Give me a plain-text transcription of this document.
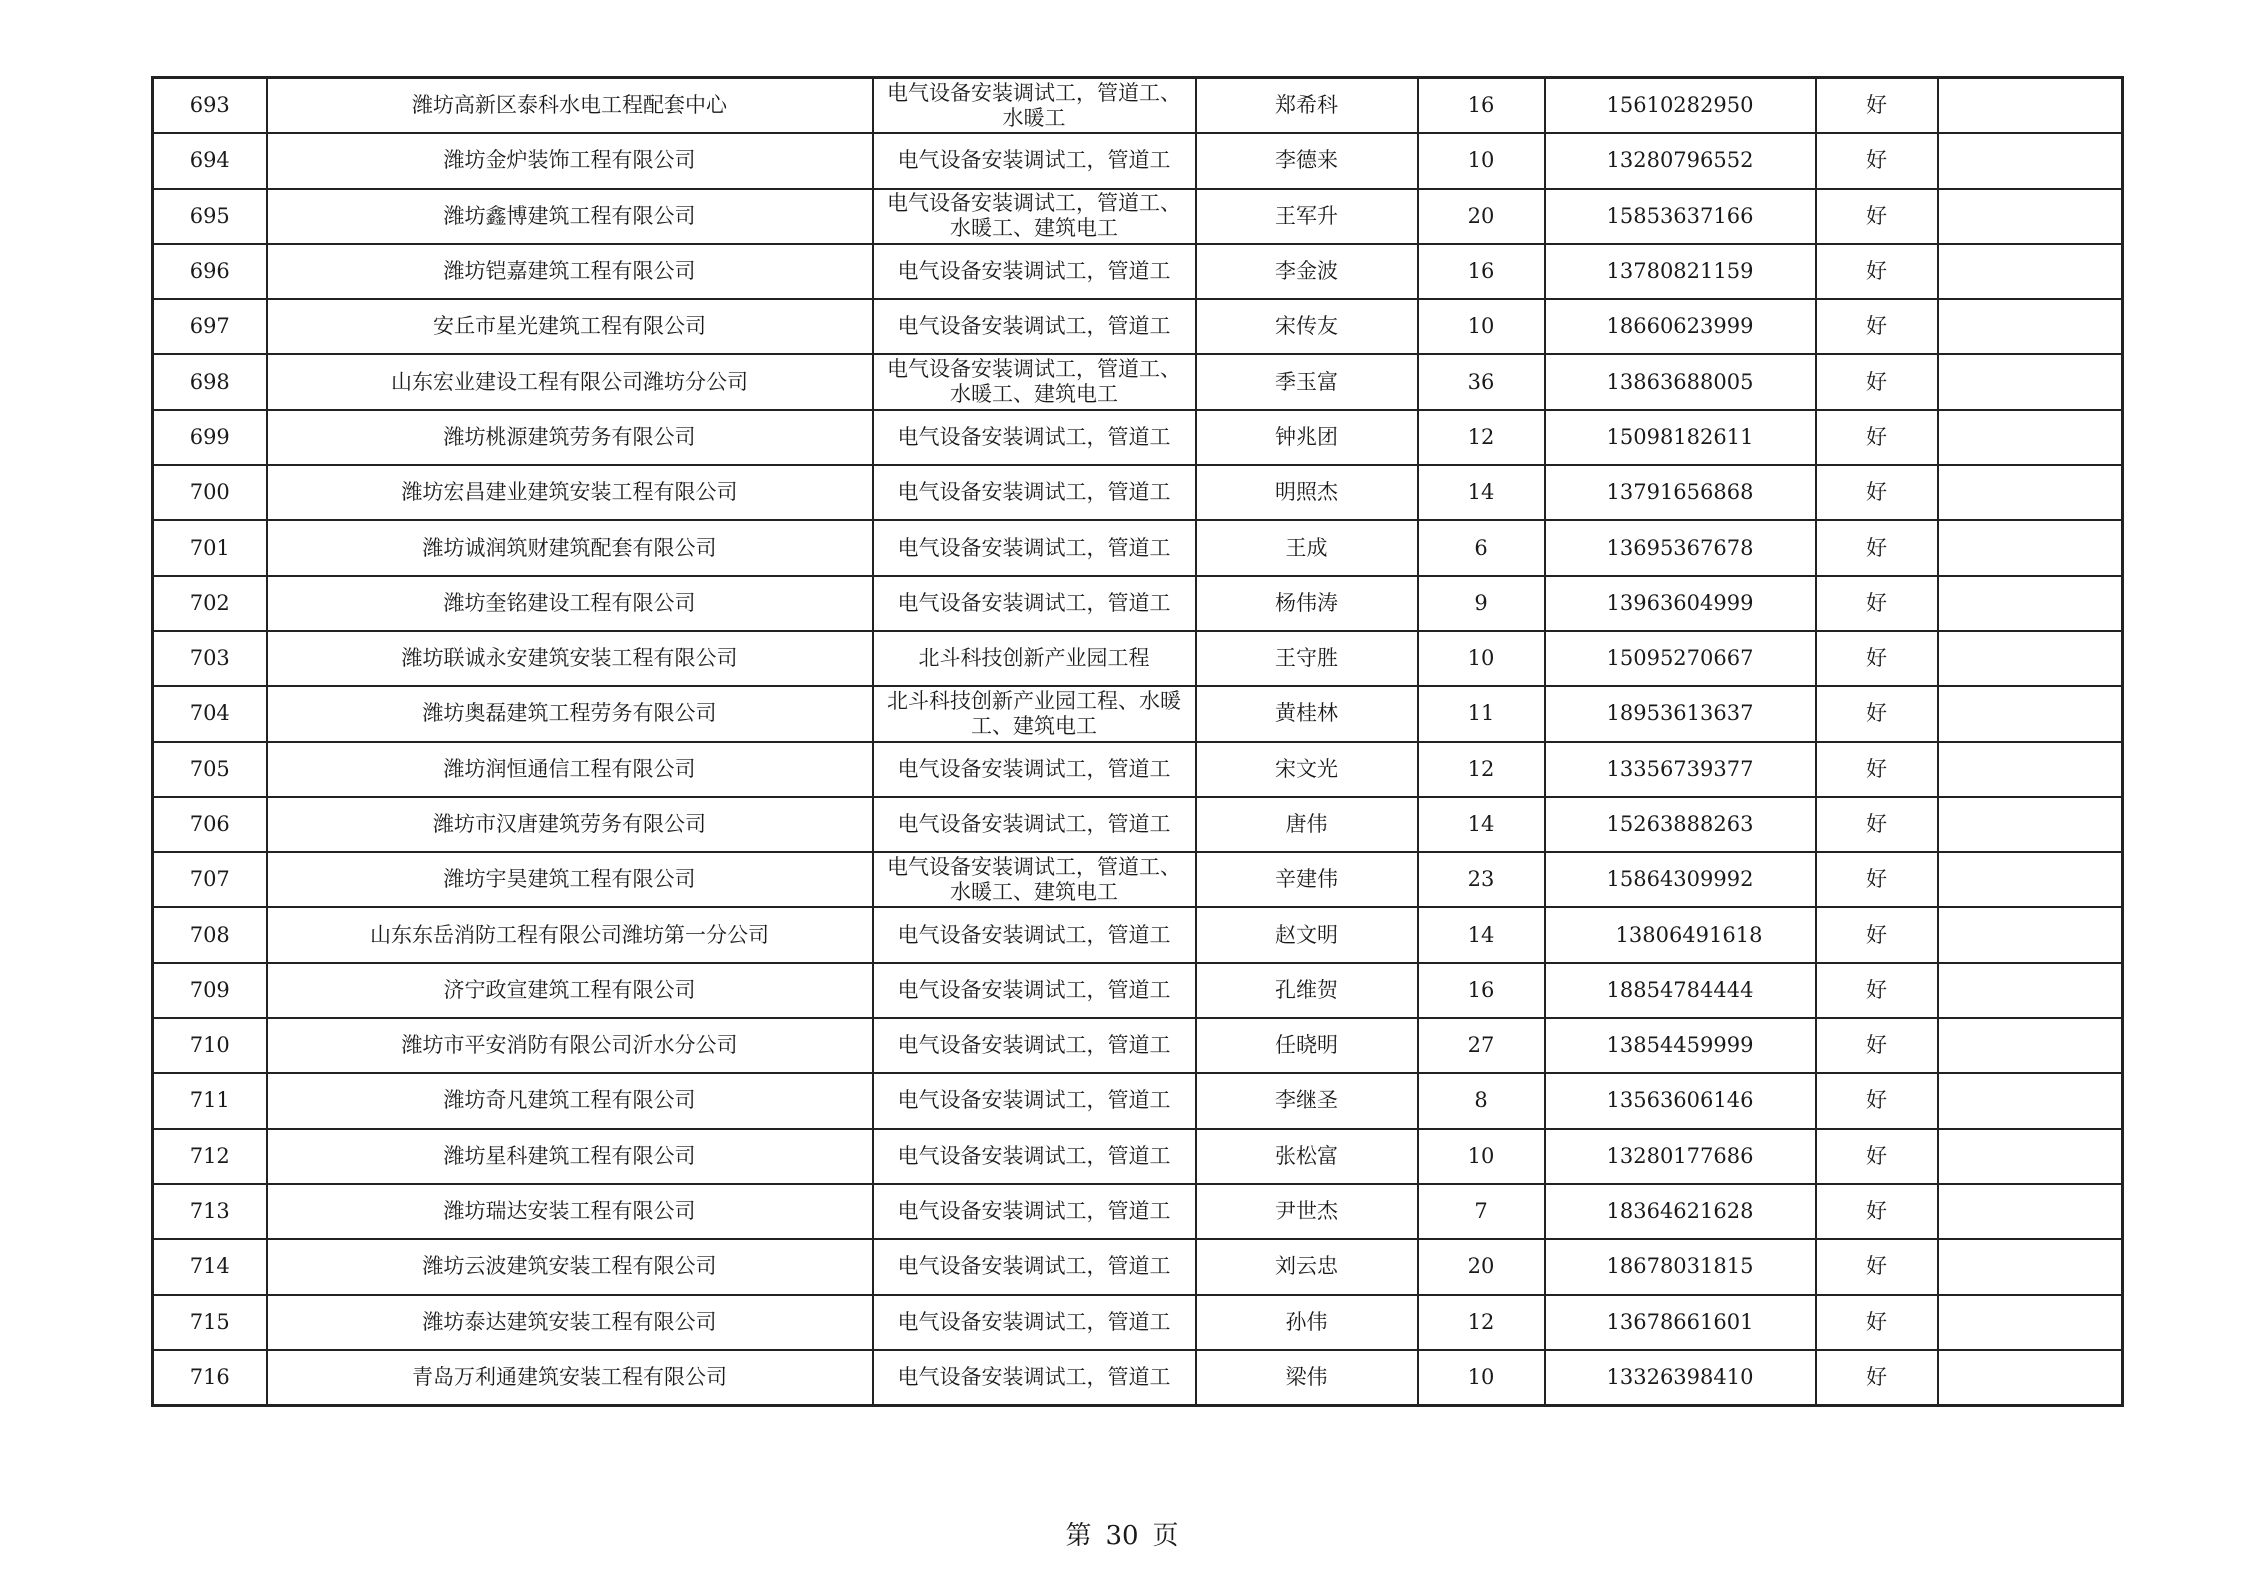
693	潍坊高新区泰科水电工程配套中心	电气设备安装调试工，管道工、水暖工	郑希科	16	15610282950	好	
694	潍坊金炉装饰工程有限公司	电气设备安装调试工，管道工	李德来	10	13280796552	好	
695	潍坊鑫博建筑工程有限公司	电气设备安装调试工，管道工、水暖工、建筑电工	王军升	20	15853637166	好	
696	潍坊铠嘉建筑工程有限公司	电气设备安装调试工，管道工	李金波	16	13780821159	好	
697	安丘市星光建筑工程有限公司	电气设备安装调试工，管道工	宋传友	10	18660623999	好	
698	山东宏业建设工程有限公司潍坊分公司	电气设备安装调试工，管道工、水暖工、建筑电工	季玉富	36	13863688005	好	
699	潍坊桃源建筑劳务有限公司	电气设备安装调试工，管道工	钟兆团	12	15098182611	好	
700	潍坊宏昌建业建筑安装工程有限公司	电气设备安装调试工，管道工	明照杰	14	13791656868	好	
701	潍坊诚润筑财建筑配套有限公司	电气设备安装调试工，管道工	王成	6	13695367678	好	
702	潍坊奎铭建设工程有限公司	电气设备安装调试工，管道工	杨伟涛	9	13963604999	好	
703	潍坊联诚永安建筑安装工程有限公司	北斗科技创新产业园工程	王守胜	10	15095270667	好	
704	潍坊奥磊建筑工程劳务有限公司	北斗科技创新产业园工程、水暖工、建筑电工	黄桂林	11	18953613637	好	
705	潍坊润恒通信工程有限公司	电气设备安装调试工，管道工	宋文光	12	13356739377	好	
706	潍坊市汉唐建筑劳务有限公司	电气设备安装调试工，管道工	唐伟	14	15263888263	好	
707	潍坊宇昊建筑工程有限公司	电气设备安装调试工，管道工、水暖工、建筑电工	辛建伟	23	15864309992	好	
708	山东东岳消防工程有限公司潍坊第一分公司	电气设备安装调试工，管道工	赵文明	14	13806491618	好	
709	济宁政宣建筑工程有限公司	电气设备安装调试工，管道工	孔维贺	16	18854784444	好	
710	潍坊市平安消防有限公司沂水分公司	电气设备安装调试工，管道工	任晓明	27	13854459999	好	
711	潍坊奇凡建筑工程有限公司	电气设备安装调试工，管道工	李继圣	8	13563606146	好	
712	潍坊星科建筑工程有限公司	电气设备安装调试工，管道工	张松富	10	13280177686	好	
713	潍坊瑞达安装工程有限公司	电气设备安装调试工，管道工	尹世杰	7	18364621628	好	
714	潍坊云波建筑安装工程有限公司	电气设备安装调试工，管道工	刘云忠	20	18678031815	好	
715	潍坊泰达建筑安装工程有限公司	电气设备安装调试工，管道工	孙伟	12	13678661601	好	
716	青岛万利通建筑安装工程有限公司	电气设备安装调试工，管道工	梁伟	10	13326398410	好	
第 30 页
